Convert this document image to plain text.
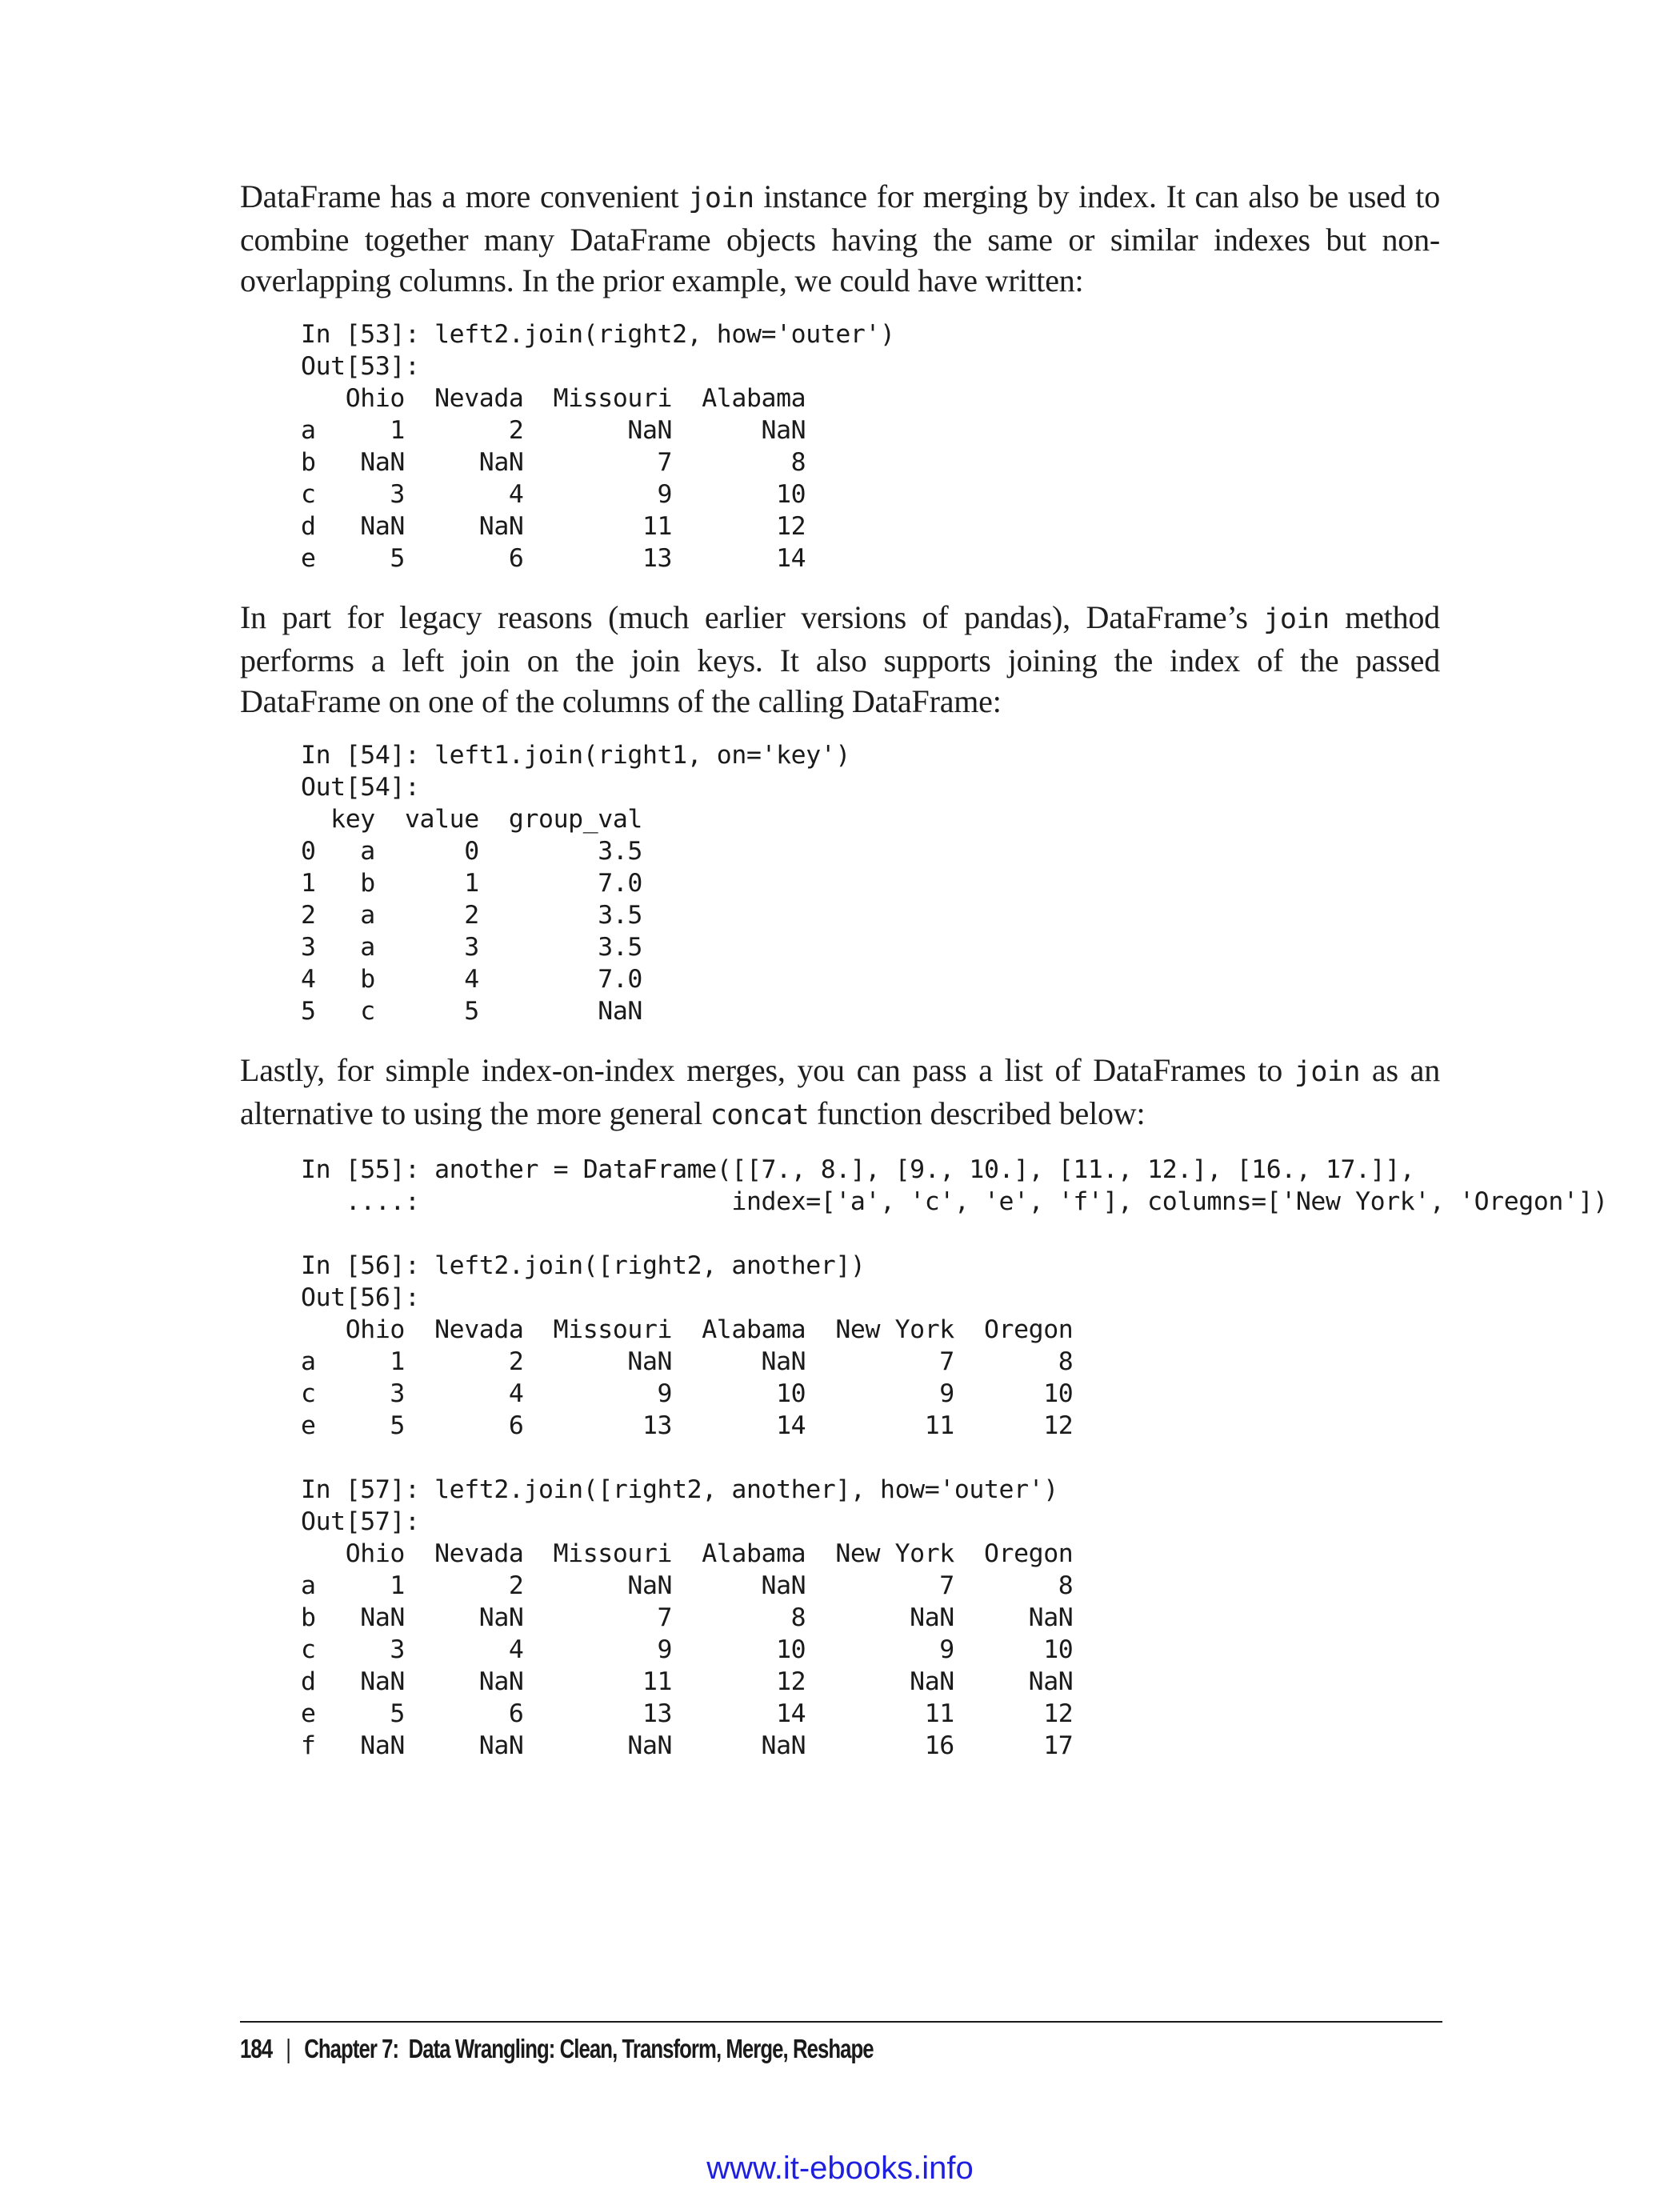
DataFrame has a more convenient join instance for merging by index. It can also be used to combine together many DataFrame objects having the same or similar indexes but non-overlapping columns. In the prior example, we could have written:

In [53]: left2.join(right2, how='outer')
Out[53]:
Ohio  Nevada  Missouri  Alabama
a     1       2       NaN      NaN
b   NaN     NaN         7        8
c     3       4         9       10
d   NaN     NaN        11       12
e     5       6        13       14

In part for legacy reasons (much earlier versions of pandas), DataFrame’s join method performs a left join on the join keys. It also supports joining the index of the passed DataFrame on one of the columns of the calling DataFrame:

In [54]: left1.join(right1, on='key')
Out[54]:
key  value  group_val
0   a      0        3.5
1   b      1        7.0
2   a      2        3.5
3   a      3        3.5
4   b      4        7.0
5   c      5        NaN

Lastly, for simple index-on-index merges, you can pass a list of DataFrames to join as an alternative to using the more general concat function described below:

In [55]: another = DataFrame([[7., 8.], [9., 10.], [11., 12.], [16., 17.]],
....:                     index=['a', 'c', 'e', 'f'], columns=['New York', 'Oregon'])
In [56]: left2.join([right2, another])
Out[56]:
Ohio  Nevada  Missouri  Alabama  New York  Oregon
a     1       2       NaN      NaN         7       8
c     3       4         9       10         9      10
e     5       6        13       14        11      12
In [57]: left2.join([right2, another], how='outer')
Out[57]:
Ohio  Nevada  Missouri  Alabama  New York  Oregon
a     1       2       NaN      NaN         7       8
b   NaN     NaN         7        8       NaN     NaN
c     3       4         9       10         9      10
d   NaN     NaN        11       12       NaN     NaN
e     5       6        13       14        11      12
f   NaN     NaN       NaN      NaN        16      17
184 | Chapter 7: Data Wrangling: Clean, Transform, Merge, Reshape
www.it-ebooks.info
